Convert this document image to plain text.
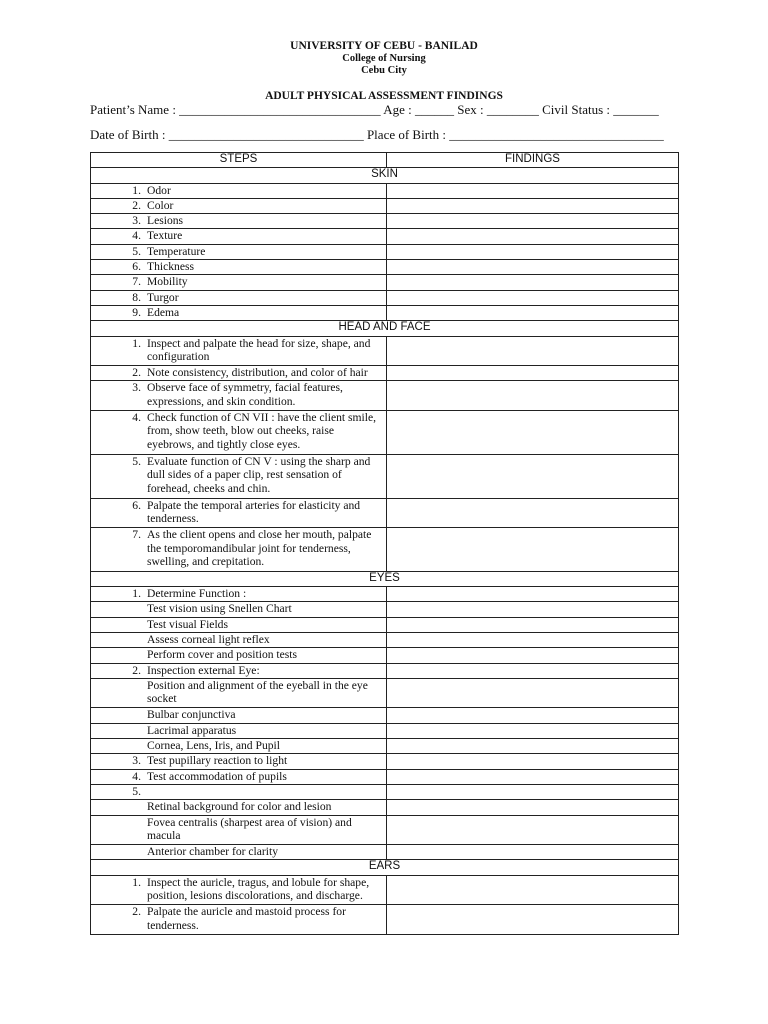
UNIVERSITY OF CEBU - BANILAD
College of Nursing
Cebu City
ADULT PHYSICAL ASSESSMENT FINDINGS
Patient’s Name : _______________________________ Age : ______ Sex : ________ Civil Status : _______
Date of Birth : ______________________________ Place of Birth : _________________________________
STEPS	FINDINGS
SKIN	

1. Odor	

2. Color	

3. Lesions	

4. Texture	

5. Temperature	

6. Thickness	

7. Mobility	

8. Turgor	

9. Edema	

HEAD AND FACE	

1. Inspect and palpate the head for size, shape, and configuration	

2. Note consistency, distribution, and color of hair	

3. Observe face of symmetry, facial features, expressions, and skin condition.	

4. Check function of CN VII : have the client smile, from, show teeth, blow out cheeks, raise eyebrows, and tightly close eyes.	

5. Evaluate function of CN V : using the sharp and dull sides of a paper clip, rest sensation of forehead, cheeks and chin.	

6. Palpate the temporal arteries for elasticity and tenderness.	

7. As the client opens and close her mouth, palpate the temporomandibular joint for tenderness, swelling, and crepitation.	

EYES	

1. Determine Function :	

Test vision using Snellen Chart	

Test visual Fields	

Assess corneal light reflex	

Perform cover and position tests	

2. Inspection external Eye:	

Position and alignment of the eyeball in the eye socket	

Bulbar conjunctiva	

Lacrimal apparatus	

Cornea, Lens, Iris, and Pupil	

3. Test pupillary reaction to light	

4. Test accommodation of pupils	

5.	

Retinal background for color and lesion	

Fovea centralis (sharpest area of vision) and macula	

Anterior chamber for clarity	

EARS	

1. Inspect the auricle, tragus, and lobule for shape, position, lesions discolorations, and discharge.	

2. Palpate the auricle and mastoid process for tenderness.	
